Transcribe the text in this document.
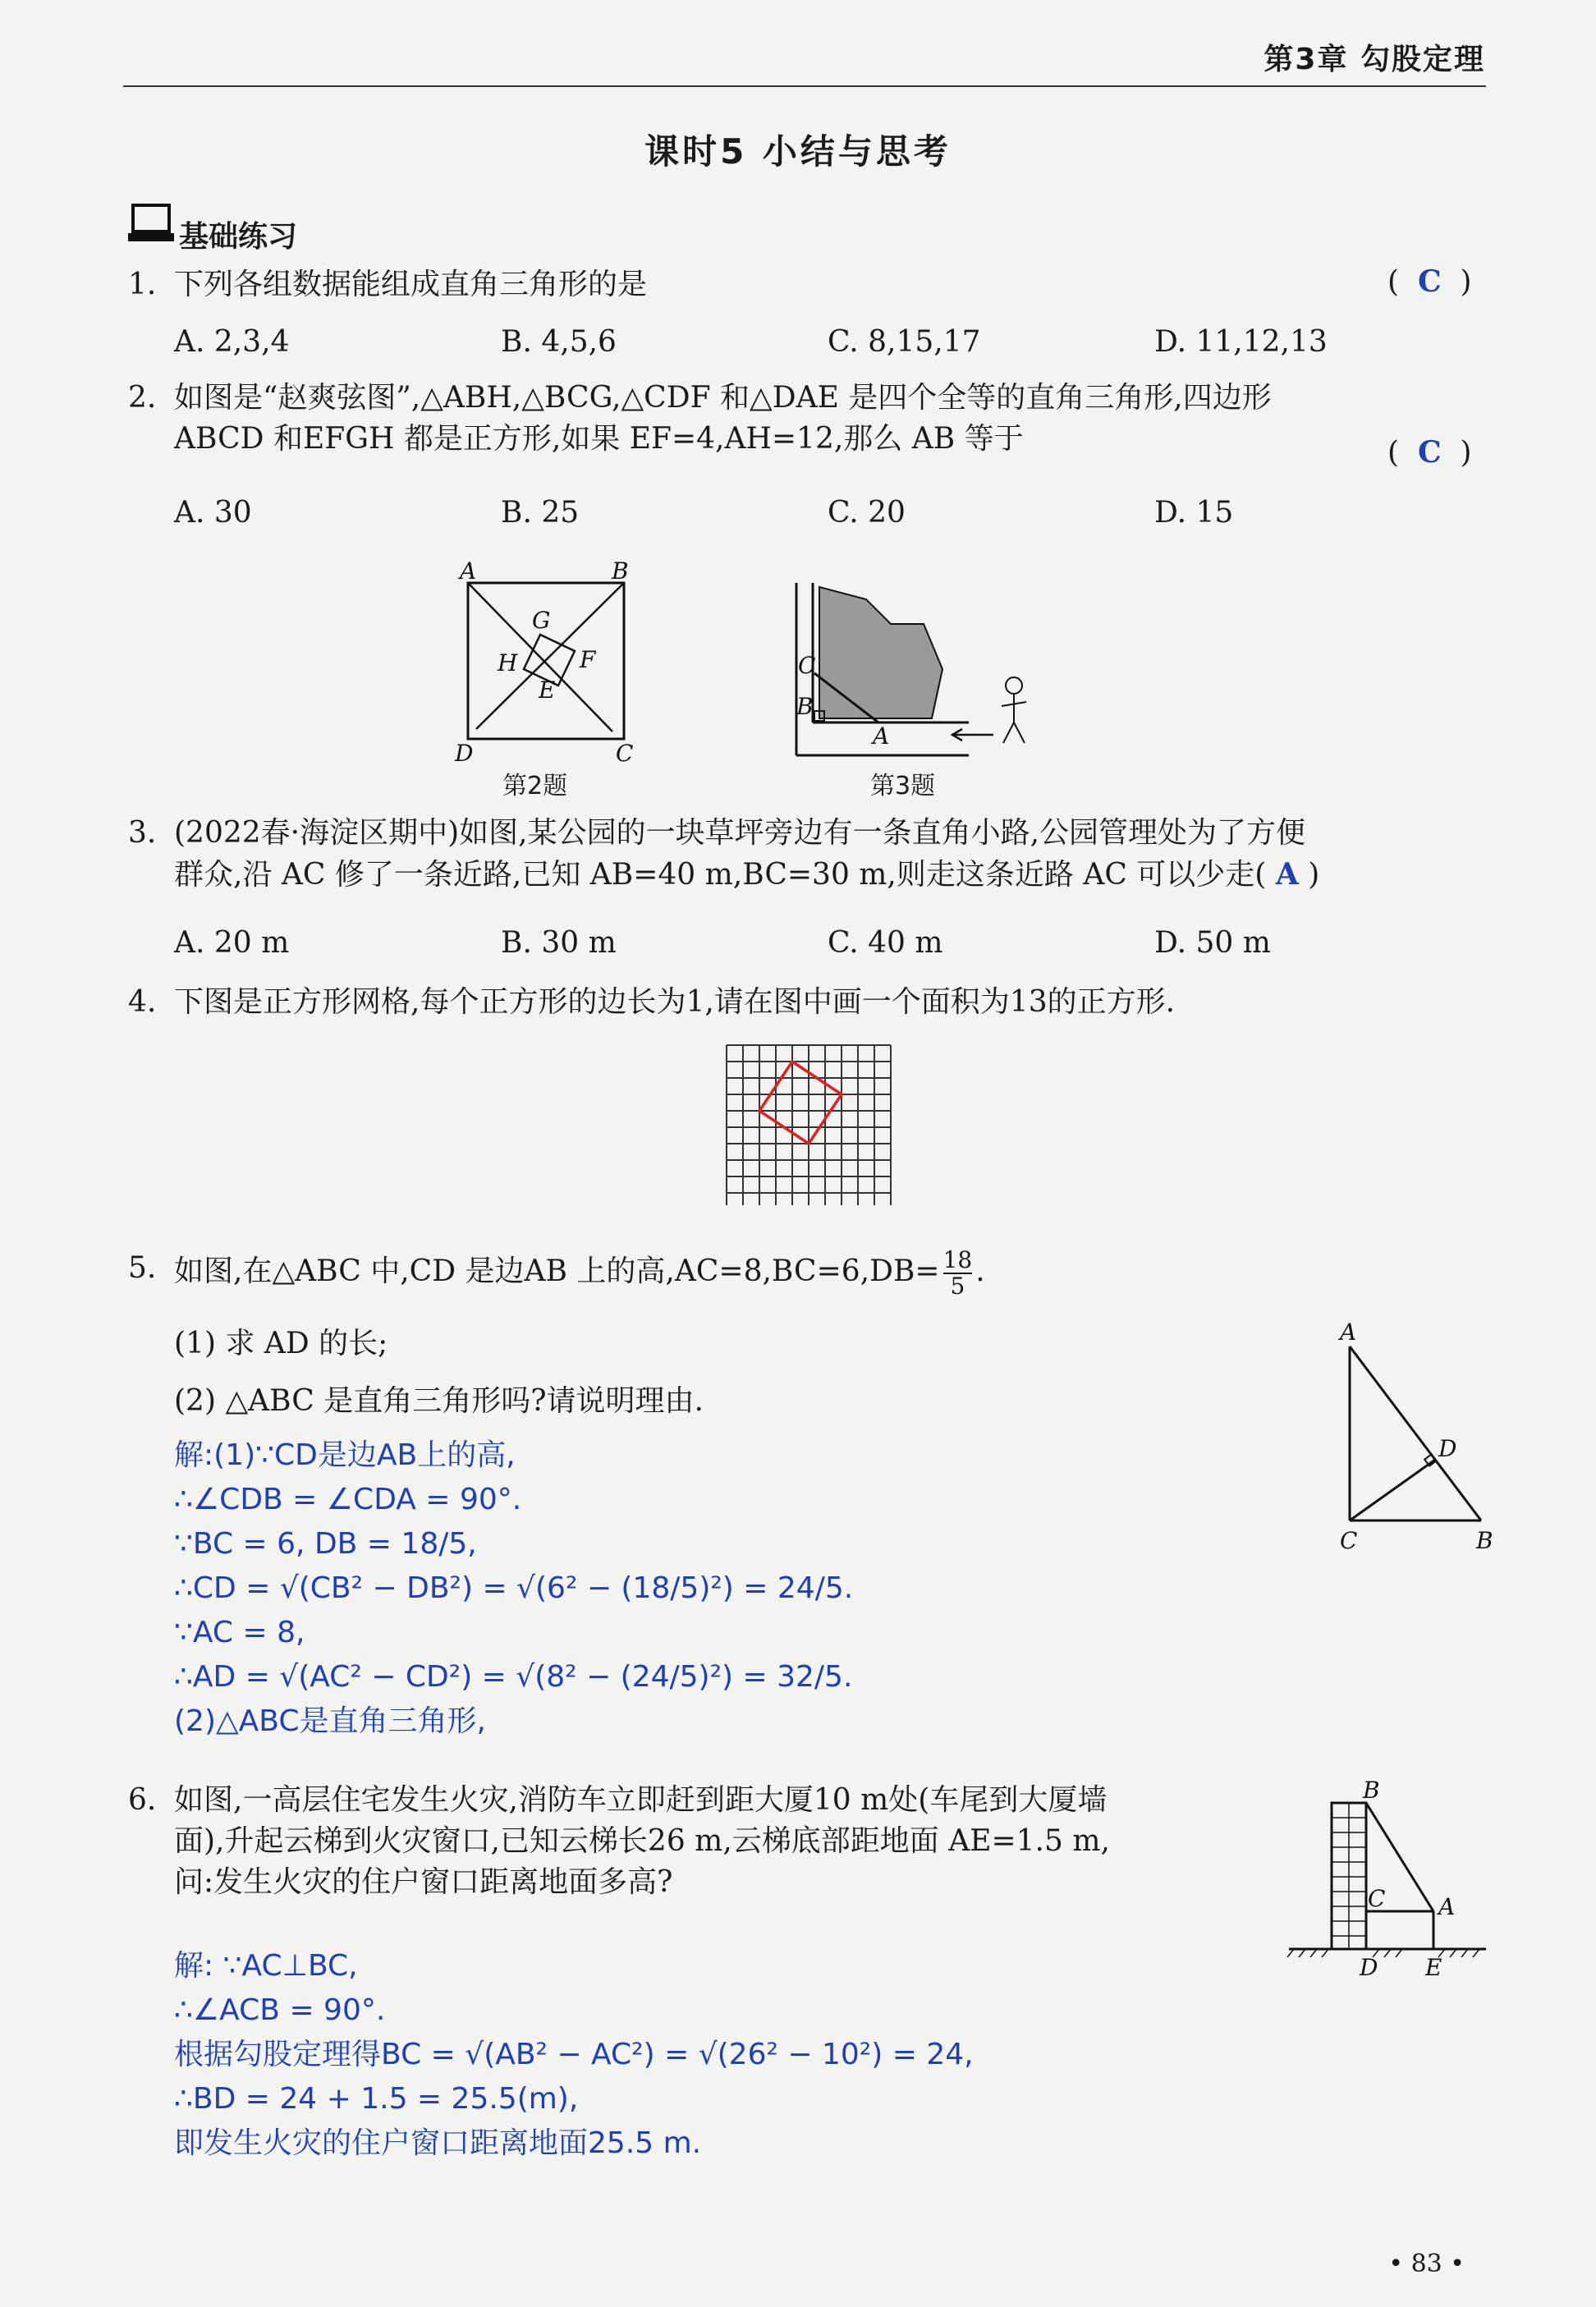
第3章 勾股定理
课时5 小结与思考
基础练习
1. 下列各组数据能组成直角三角形的是	(  C  )
A. 2,3,4	B. 4,5,6	C. 8,15,17	D. 11,12,13
2. 如图是“赵爽弦图”,△ABH,△BCG,△CDF 和△DAE 是四个全等的直角三角形,四边形
ABCD 和EFGH 都是正方形,如果 EF=4,AH=12,那么 AB 等于	(  C  )
A. 30	B. 25	C. 20	D. 15
A	B
C
D
E
F
G
H
第2题
C
B
A
第3题
3. (2022春·海淀区期中)如图,某公园的一块草坪旁边有一条直角小路,公园管理处为了方便
群众,沿 AC 修了一条近路,已知 AB=40 m,BC=30 m,则走这条近路 AC 可以少走( A )
A. 20 m	B. 30 m	C. 40 m	D. 50 m
4. 下图是正方形网格,每个正方形的边长为1,请在图中画一个面积为13的正方形.
5. 如图,在△ABC 中,CD 是边AB 上的高$,AC=8,BC=6,DB= \frac{18}{5}$ .
(1) 求 AD 的长;
(2) △ABC 是直角三角形吗?请说明理由.
A
D
C	B
解:(1)∵CD是边AB上的高,
∴∠CDB = ∠CDA = 90°.
∵BC = 6, DB = 18/5,
∴CD = √(CB² − DB²) = √(6² − (18/5)²) = 24/5.
∵AC = 8,
∴AD = √(AC² − CD²) = √(8² − (24/5)²) = 32/5.
(2)△ABC是直角三角形,
6. 如图,一高层住宅发生火灾,消防车立即赶到距大厦10 m处(车尾到大厦墙
面),升起云梯到火灾窗口,已知云梯长26 m,云梯底部距地面 AE=1.5 m,
问:发生火灾的住户窗口距离地面多高?
B
C A
D E
解: ∵AC⊥BC,
∴∠ACB = 90°.
根据勾股定理得BC = √(AB² − AC²) = √(26² − 10²) = 24,
∴BD = 24 + 1.5 = 25.5(m),
即发生火灾的住户窗口距离地面25.5 m.
• 83 •
